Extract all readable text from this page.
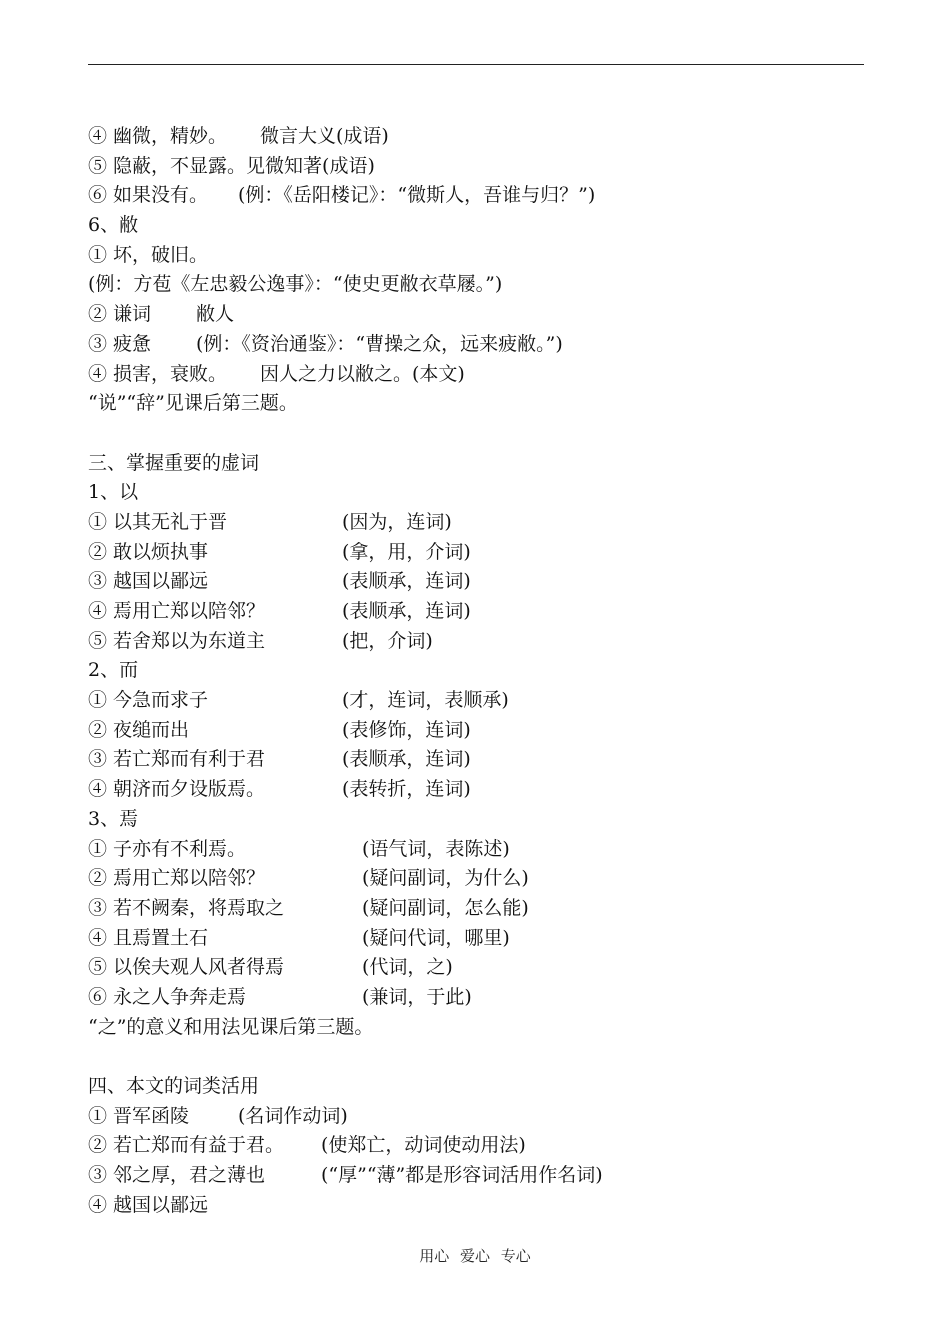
④ 幽微，精妙。 微言大义(成语)
⑤ 隐蔽，不显露。见微知著(成语)
⑥ 如果没有。 (例：《岳阳楼记》：“微斯人，吾谁与归？”)
6、敝
① 坏，破旧。
(例：方苞《左忠毅公逸事》：“使史更敝衣草屦。”)
② 谦词 敝人
③ 疲惫 (例：《资治通鉴》：“曹操之众，远来疲敝。”)
④ 损害，衰败。 因人之力以敝之。(本文)
“说”“辞”见课后第三题。
三、掌握重要的虚词
1、以
① 以其无礼于晋	(因为，连词)
② 敢以烦执事	(拿，用，介词)
③ 越国以鄙远	(表顺承，连词)
④ 焉用亡郑以陪邻？	(表顺承，连词)
⑤ 若舍郑以为东道主	(把，介词)
2、而
① 今急而求子	(才，连词，表顺承)
② 夜缒而出	(表修饰，连词)
③ 若亡郑而有利于君	(表顺承，连词)
④ 朝济而夕设版焉。	(表转折，连词)
3、焉
① 子亦有不利焉。	(语气词，表陈述)
② 焉用亡郑以陪邻？	(疑问副词，为什么)
③ 若不阙秦，将焉取之	(疑问副词，怎么能)
④ 且焉置土石	(疑问代词，哪里)
⑤ 以俟夫观人风者得焉	(代词，之)
⑥ 永之人争奔走焉	(兼词，于此)
“之”的意义和用法见课后第三题。
四、本文的词类活用
① 晋军函陵	(名词作动词)
② 若亡郑而有益于君。 (使郑亡，动词使动用法)
③ 邻之厚，君之薄也	(“厚”“薄”都是形容词活用作名词)
④ 越国以鄙远
用心 爱心 专心
